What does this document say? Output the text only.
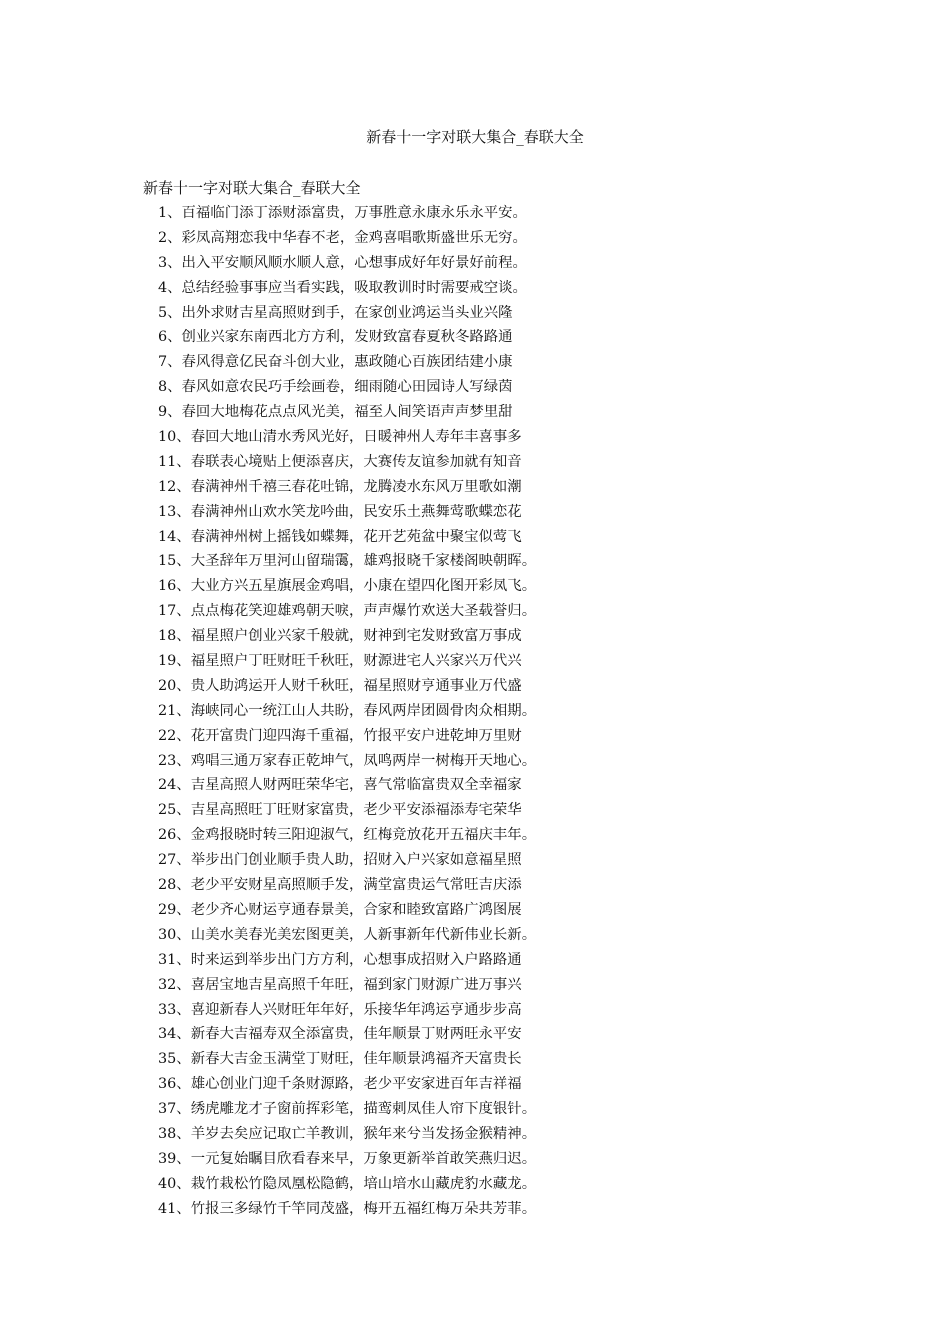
新春十一字对联大集合_春联大全
新春十一字对联大集合_春联大全
1、百福临门添丁添财添富贵，万事胜意永康永乐永平安。
2、彩凤高翔恋我中华春不老，金鸡喜唱歌斯盛世乐无穷。
3、出入平安顺风顺水顺人意，心想事成好年好景好前程。
4、总结经验事事应当看实践，吸取教训时时需要戒空谈。
5、出外求财吉星高照财到手，在家创业鸿运当头业兴隆
6、创业兴家东南西北方方利，发财致富春夏秋冬路路通
7、春风得意亿民奋斗创大业，惠政随心百族团结建小康
8、春风如意农民巧手绘画卷，细雨随心田园诗人写绿茵
9、春回大地梅花点点风光美，福至人间笑语声声梦里甜
10、春回大地山清水秀风光好，日暖神州人寿年丰喜事多
11、春联表心境贴上便添喜庆，大赛传友谊参加就有知音
12、春满神州千禧三春花吐锦，龙腾凌水东风万里歌如潮
13、春满神州山欢水笑龙吟曲，民安乐土燕舞莺歌蝶恋花
14、春满神州树上摇钱如蝶舞，花开艺苑盆中聚宝似莺飞
15、大圣辞年万里河山留瑞霭，雄鸡报晓千家楼阁映朝晖。
16、大业方兴五星旗展金鸡唱，小康在望四化图开彩凤飞。
17、点点梅花笑迎雄鸡朝天唳，声声爆竹欢送大圣载誉归。
18、福星照户创业兴家千般就，财神到宅发财致富万事成
19、福星照户丁旺财旺千秋旺，财源进宅人兴家兴万代兴
20、贵人助鸿运开人财千秋旺，福星照财亨通事业万代盛
21、海峡同心一统江山人共盼，春风两岸团圆骨肉众相期。
22、花开富贵门迎四海千重福，竹报平安户进乾坤万里财
23、鸡唱三通万家春正乾坤气，凤鸣两岸一树梅开天地心。
24、吉星高照人财两旺荣华宅，喜气常临富贵双全幸福家
25、吉星高照旺丁旺财家富贵，老少平安添福添寿宅荣华
26、金鸡报晓时转三阳迎淑气，红梅竞放花开五福庆丰年。
27、举步出门创业顺手贵人助，招财入户兴家如意福星照
28、老少平安财星高照顺手发，满堂富贵运气常旺吉庆添
29、老少齐心财运亨通春景美，合家和睦致富路广鸿图展
30、山美水美春光美宏图更美，人新事新年代新伟业长新。
31、时来运到举步出门方方利，心想事成招财入户路路通
32、喜居宝地吉星高照千年旺，福到家门财源广进万事兴
33、喜迎新春人兴财旺年年好，乐接华年鸿运亨通步步高
34、新春大吉福寿双全添富贵，佳年顺景丁财两旺永平安
35、新春大吉金玉满堂丁财旺，佳年顺景鸿福齐天富贵长
36、雄心创业门迎千条财源路，老少平安家进百年吉祥福
37、绣虎雕龙才子窗前挥彩笔，描鸾刺凤佳人帘下度银针。
38、羊岁去矣应记取亡羊教训，猴年来兮当发扬金猴精神。
39、一元复始瞩目欣看春来早，万象更新举首敢笑燕归迟。
40、栽竹栽松竹隐凤凰松隐鹤，培山培水山藏虎豹水藏龙。
41、竹报三多绿竹千竿同茂盛，梅开五福红梅万朵共芳菲。
